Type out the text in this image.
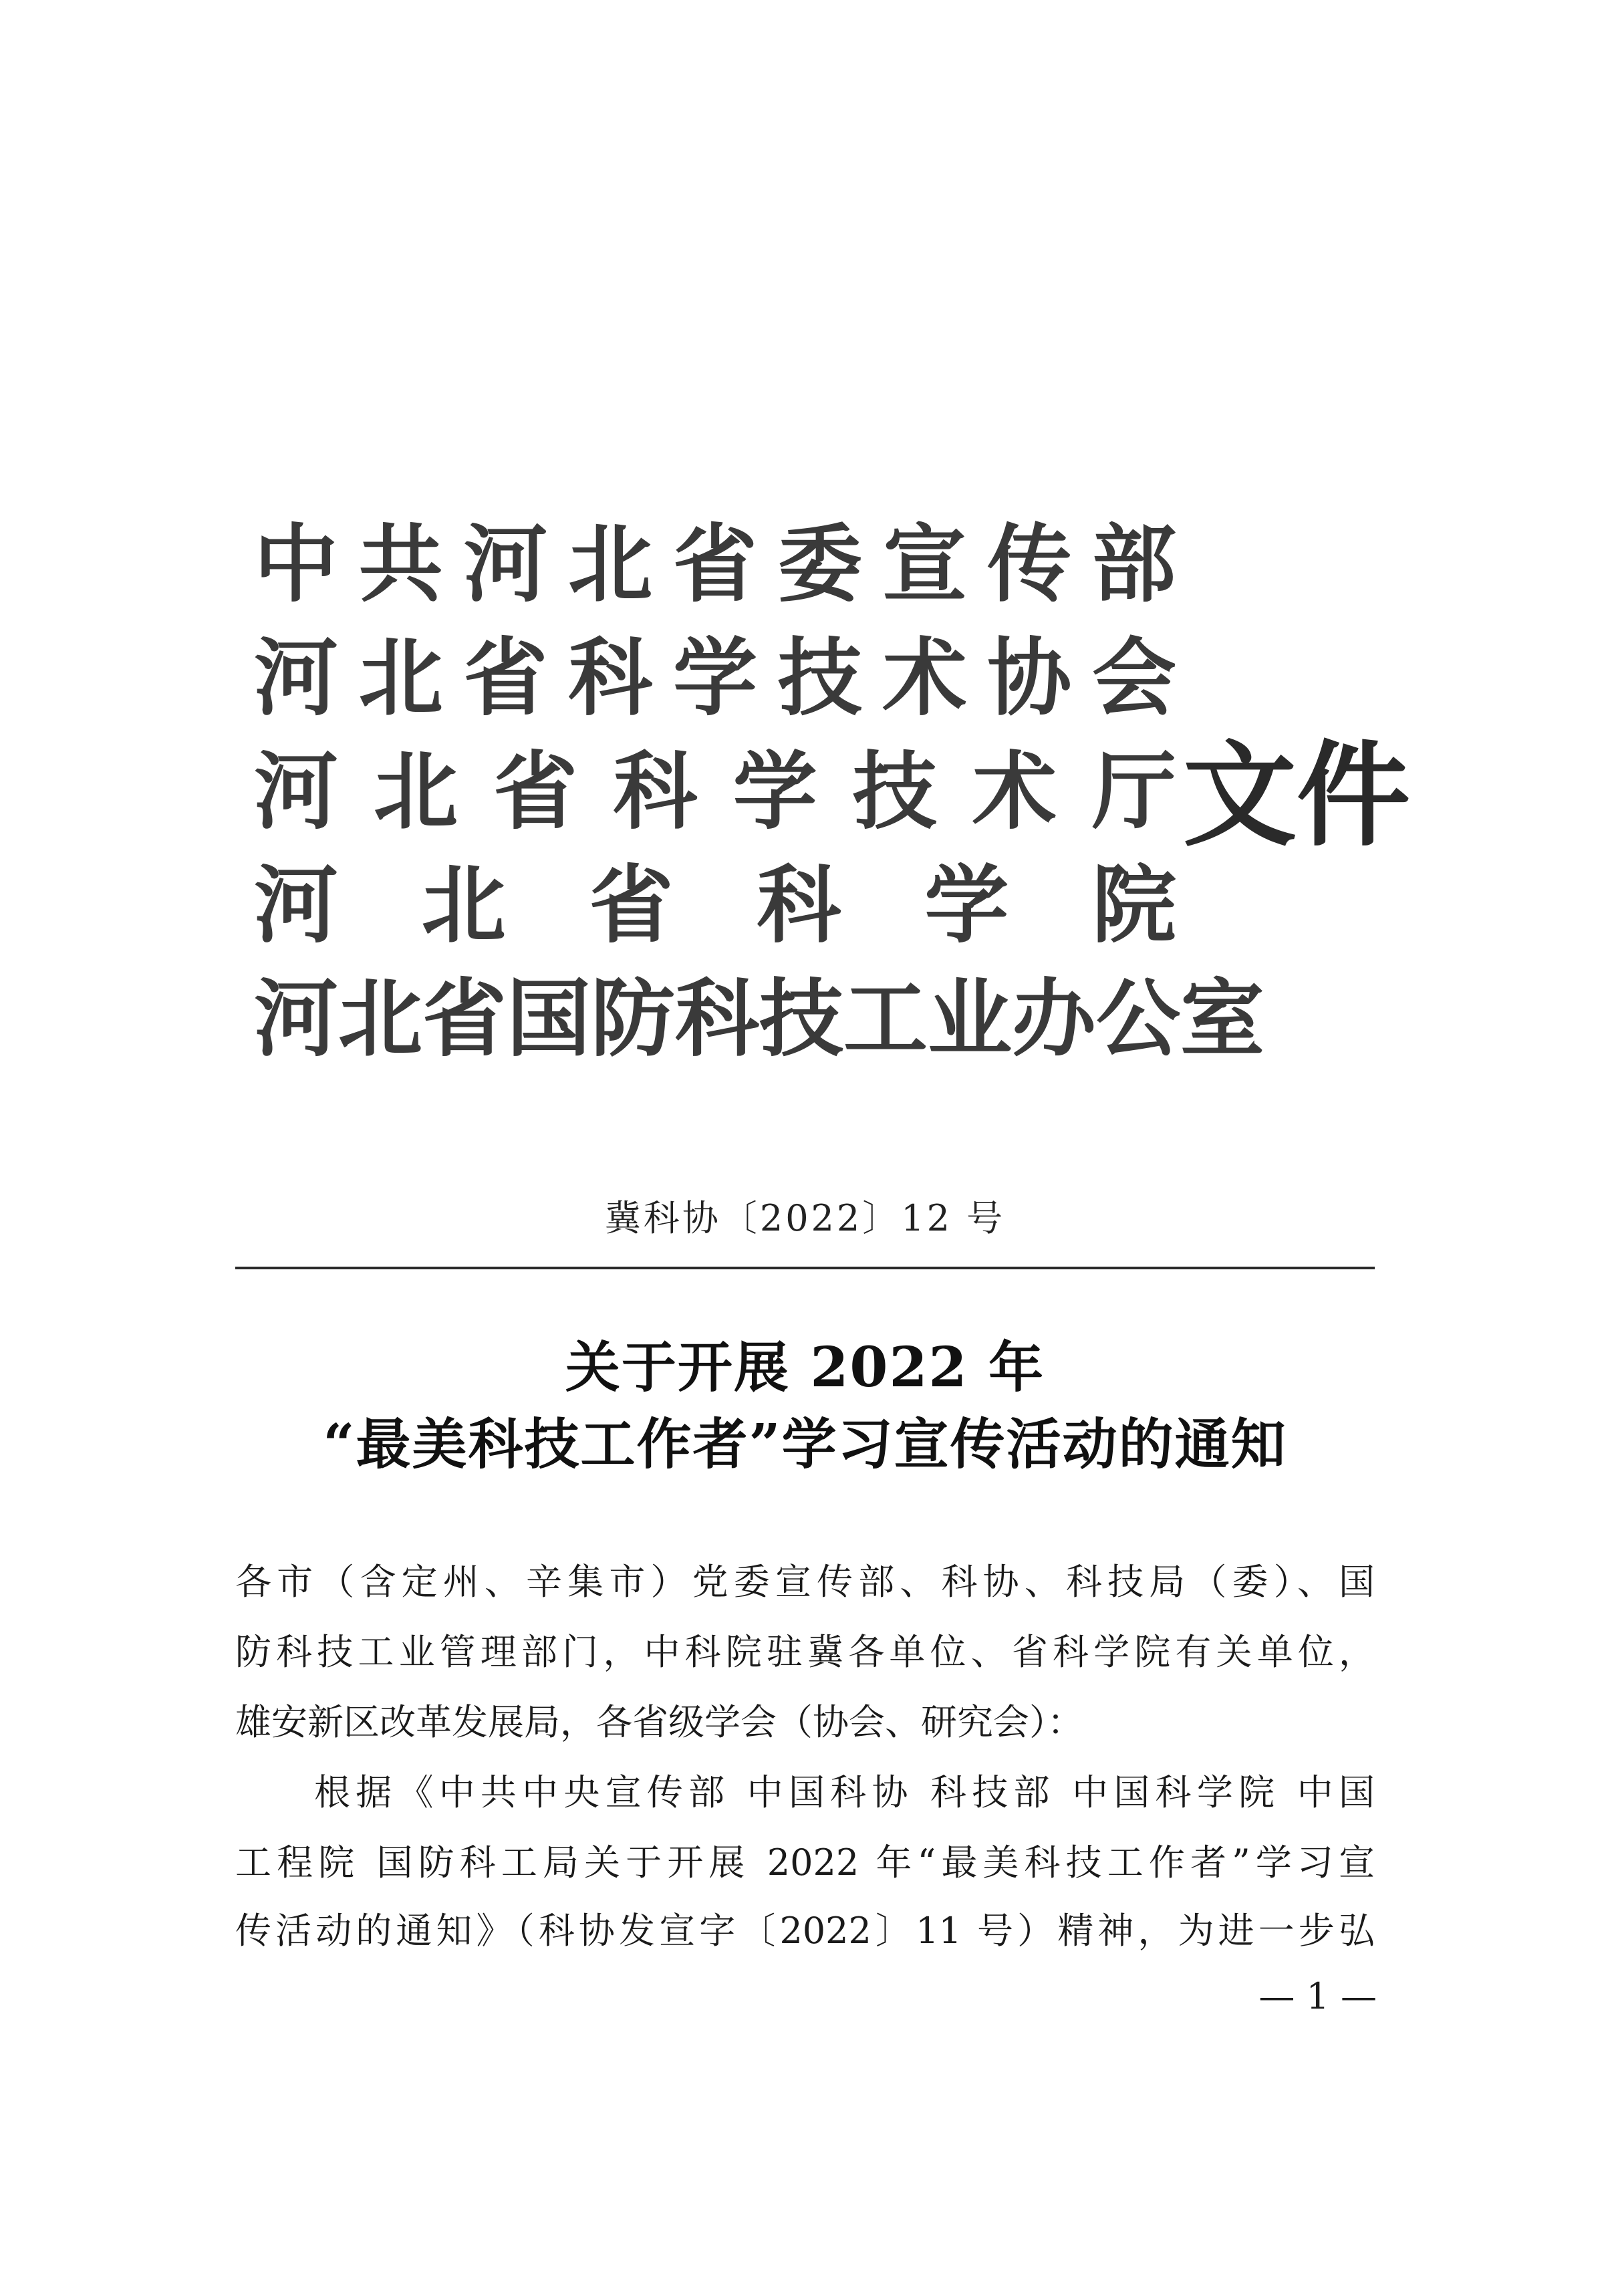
中 共 河 北 省 委 宣 传 部
河 北 省 科 学 技 术 协 会
河 北 省 科 学 技 术 厅
河 北 省 科 学 院
河 北 省 国 防 科 技 工 业 办 公 室
文件
冀科协〔2022〕12 号
关于开展 2022 年
“最美科技工作者”学习宣传活动的通知
各市（含定州、辛集市）党委宣传部、科协、科技局（委）、国
防科技工业管理部门，中科院驻冀各单位、省科学院有关单位，
雄安新区改革发展局，各省级学会（协会、研究会）：
根据《中共中央宣传部 中国科协 科技部 中国科学院 中国
工程院 国防科工局关于开展 2022 年“最美科技工作者”学习宣
传活动的通知》（科协发宣字〔2022〕11 号）精神，为进一步弘
— 1 —
